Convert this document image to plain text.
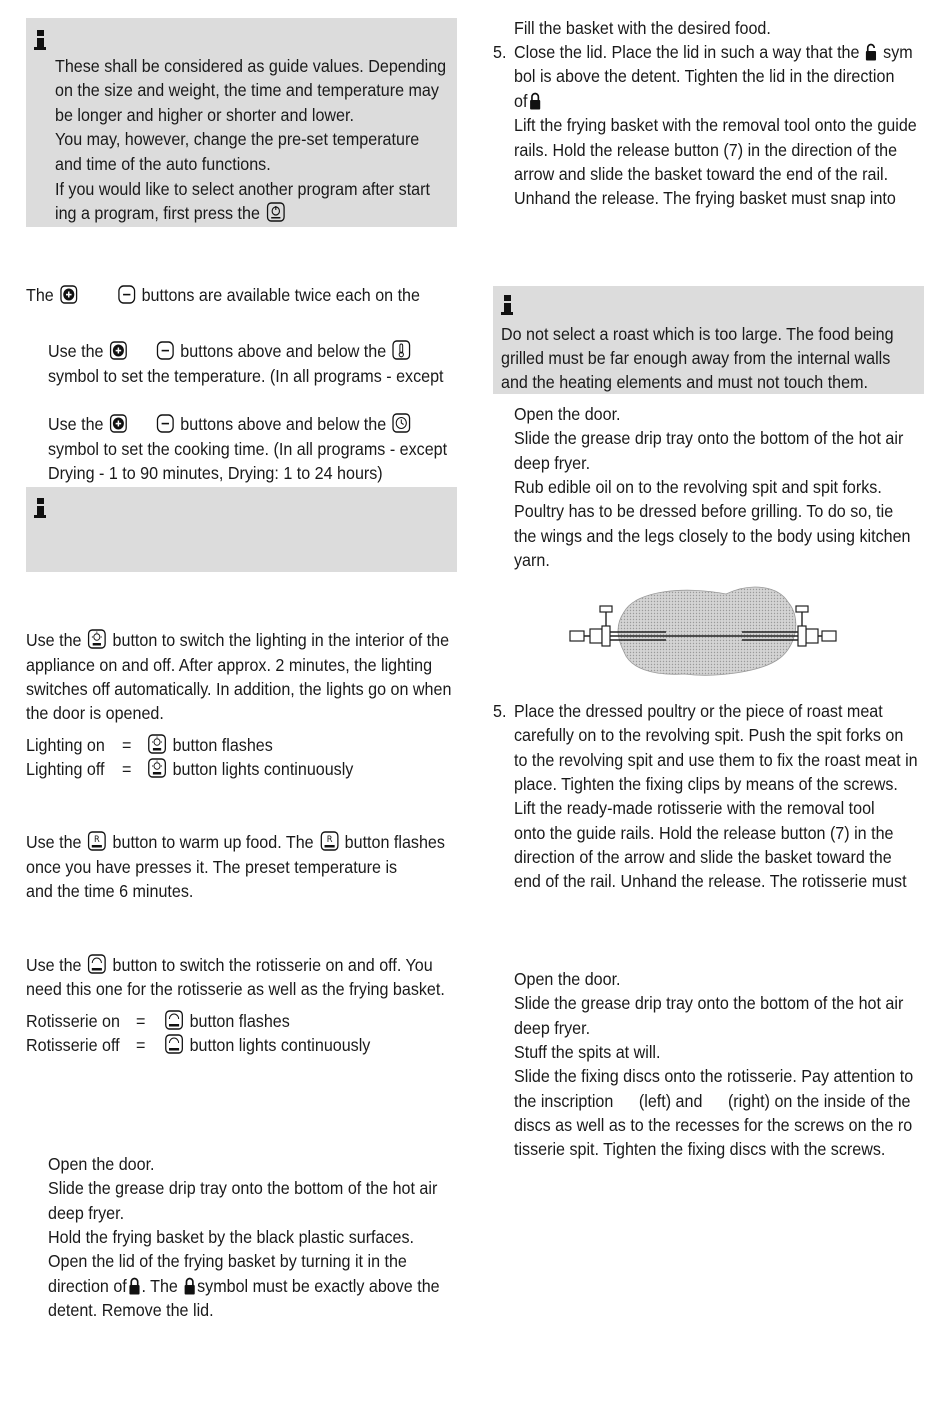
These shall be considered as guide values. Depending
on the size and weight, the time and temperature may
be longer and higher or shorter and lower.
You may, however, change the pre-set temperature
and time of the auto functions.
If you would like to select another program after start
ing a program, first press the
The
	buttons are available twice each on the
Use the
	buttons above and below the
symbol to set the temperature. (In all programs - except
Use the
	buttons above and below the
symbol to set the cooking time. (In all programs - except
Drying - 1 to 90 minutes, Drying: 1 to 24 hours)
Use the button to switch the lighting in the interior of the
appliance on and off. After approx. 2 minutes, the lighting
switches off automatically. In addition, the lights go on when
the door is opened.
Lighting on =	button flashes
Lighting off =	button lights continuously
Use the R button to warm up food. The R button flashes
once you have presses it. The preset temperature is
and the time 6 minutes.
Use the button to switch the rotisserie on and off. You
need this one for the rotisserie as well as the frying basket.
Rotisserie on =	button flashes
Rotisserie off =	button lights continuously
Open the door.
Slide the grease drip tray onto the bottom of the hot air
deep fryer.
Hold the frying basket by the black plastic surfaces.
Open the lid of the frying basket by turning it in the
direction of . The symbol must be exactly above the
detent. Remove the lid.
Fill the basket with the desired food.
5. Close the lid. Place the lid in such a way that the sym
bol is above the detent. Tighten the lid in the direction
of
Lift the frying basket with the removal tool onto the guide
rails. Hold the release button (7) in the direction of the
arrow and slide the basket toward the end of the rail.
Unhand the release. The frying basket must snap into
Do not select a roast which is too large. The food being
grilled must be far enough away from the internal walls
and the heating elements and must not touch them.
Open the door.
Slide the grease drip tray onto the bottom of the hot air
deep fryer.
Rub edible oil on to the revolving spit and spit forks.
Poultry has to be dressed before grilling. To do so, tie
the wings and the legs closely to the body using kitchen
yarn.
5. Place the dressed poultry or the piece of roast meat
carefully on to the revolving spit. Push the spit forks on
to the revolving spit and use them to fix the roast meat in
place. Tighten the fixing clips by means of the screws.
Lift the ready-made rotisserie with the removal tool
onto the guide rails. Hold the release button (7) in the
direction of the arrow and slide the basket toward the
end of the rail. Unhand the release. The rotisserie must
Open the door.
Slide the grease drip tray onto the bottom of the hot air
deep fryer.
Stuff the spits at will.
Slide the fixing discs onto the rotisserie. Pay attention to
the inscription (left) and (right) on the inside of the
discs as well as to the recesses for the screws on the ro
tisserie spit. Tighten the fixing discs with the screws.
